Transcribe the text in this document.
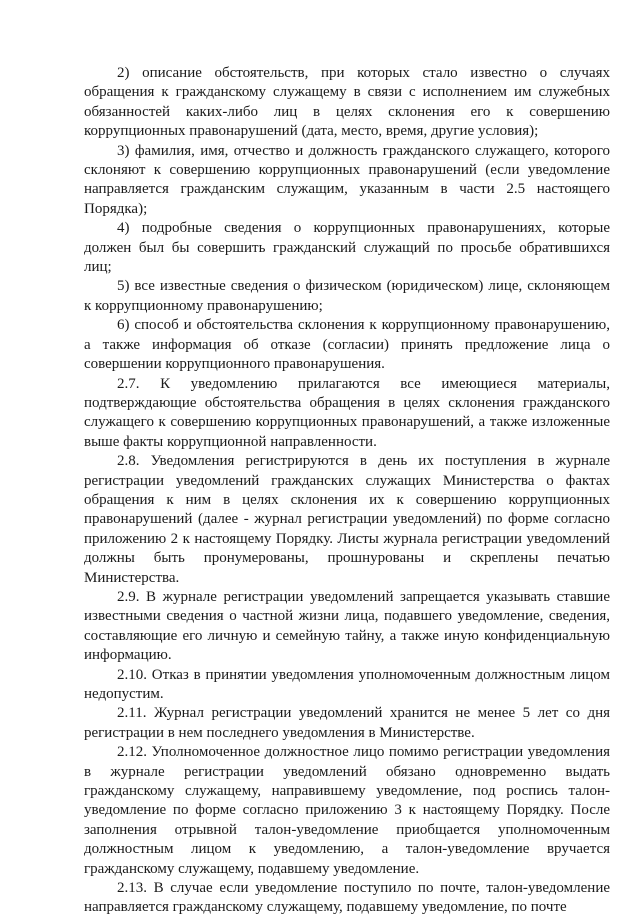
2) описание обстоятельств, при которых стало известно о случаях обращения к гражданскому служащему в связи с исполнением им служебных обязанностей каких-либо лиц в целях склонения его к совершению коррупционных правонарушений (дата, место, время, другие условия);

3) фамилия, имя, отчество и должность гражданского служащего, которого склоняют к совершению коррупционных правонарушений (если уведомление направляется гражданским служащим, указанным в части 2.5 настоящего Порядка);

4) подробные сведения о коррупционных правонарушениях, которые должен был бы совершить гражданский служащий по просьбе обратившихся лиц;

5) все известные сведения о физическом (юридическом) лице, склоняющем к коррупционному правонарушению;

6) способ и обстоятельства склонения к коррупционному правонарушению, а также информация об отказе (согласии) принять предложение лица о совершении коррупционного правонарушения.

2.7. К уведомлению прилагаются все имеющиеся материалы, подтверждающие обстоятельства обращения в целях склонения гражданского служащего к совершению коррупционных правонарушений, а также изложенные выше факты коррупционной направленности.

2.8. Уведомления регистрируются в день их поступления в журнале регистрации уведомлений гражданских служащих Министерства о фактах обращения к ним в целях склонения их к совершению коррупционных правонарушений (далее - журнал регистрации уведомлений) по форме согласно приложению 2 к настоящему Порядку. Листы журнала регистрации уведомлений должны быть пронумерованы, прошнурованы и скреплены печатью Министерства.

2.9. В журнале регистрации уведомлений запрещается указывать ставшие известными сведения о частной жизни лица, подавшего уведомление, сведения, составляющие его личную и семейную тайну, а также иную конфиденциальную информацию.

2.10. Отказ в принятии уведомления уполномоченным должностным лицом недопустим.

2.11. Журнал регистрации уведомлений хранится не менее 5 лет со дня регистрации в нем последнего уведомления в Министерстве.

2.12. Уполномоченное должностное лицо помимо регистрации уведомления в журнале регистрации уведомлений обязано одновременно выдать гражданскому служащему, направившему уведомление, под роспись талон-уведомление по форме согласно приложению 3 к настоящему Порядку. После заполнения отрывной талон-уведомление приобщается уполномоченным должностным лицом к уведомлению, а талон-уведомление вручается гражданскому служащему, подавшему уведомление.

2.13. В случае если уведомление поступило по почте, талон-уведомление направляется гражданскому служащему, подавшему уведомление, по почте
